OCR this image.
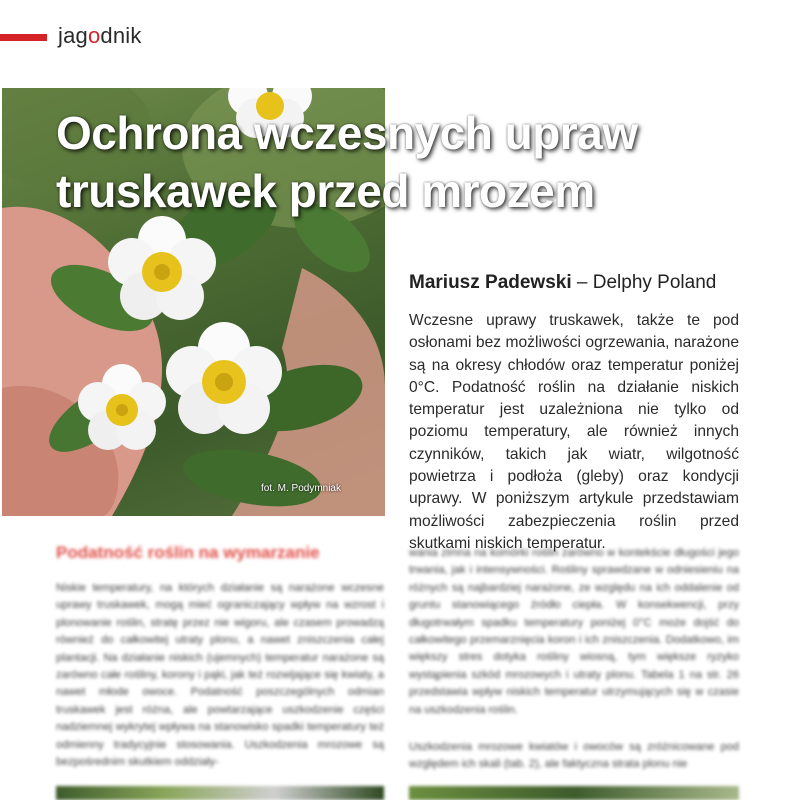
jagodnik
fot. M. Podymniak
Ochrona wczesnych upraw truskawek przed mrozem
Mariusz Padewski – Delphy Poland

Wczesne uprawy truskawek, także te pod osłonami bez możliwości ogrzewania, narażone są na okresy chłodów oraz temperatur poniżej 0°C. Podatność roślin na działanie niskich temperatur jest uzależniona nie tylko od poziomu temperatury, ale również innych czynników, takich jak wiatr, wilgotność powietrza i podłoża (gleby) oraz kondycji uprawy. W poniższym artykule przedstawiam możliwości zabezpieczenia roślin przed skutkami niskich temperatur.

Podatność roślin na wymarzanie

Niskie temperatury, na których działanie są narażone wczesne uprawy truskawek, mogą mieć ograniczający wpływ na wzrost i plonowanie roślin, stratę przez nie wigoru, ale czasem prowadzą również do całkowitej utraty plonu, a nawet zniszczenia całej plantacji. Na działanie niskich (ujemnych) temperatur narażone są zarówno całe rośliny, korony i pąki, jak też rozwijające się kwiaty, a nawet młode owoce. Podatność poszczególnych odmian truskawek jest różna, ale powtarzające uszkodzenie części nadziemnej wykrytej wpływa na stanowisko spadki temperatury też odmienny tradycyjnie stosowania. Uszkodzenia mrozowe są bezpośrednim skutkiem oddziały-

wania zimna na komórki roślin zarówno w kontekście długości jego trwania, jak i intensywności. Rośliny sprawdzane w odniesieniu na różnych są najbardziej narażone, ze względu na ich oddalenie od gruntu stanowiącego źródło ciepła. W konsekwencji, przy długotrwałym spadku temperatury poniżej 0°C może dojść do całkowitego przemarznięcia koron i ich zniszczenia. Dodatkowo, im większy stres dotyka rośliny wiosną, tym większe ryzyko wystąpienia szkód mrozowych i utraty plonu. Tabela 1 na str. 26 przedstawia wpływ niskich temperatur utrzymujących się w czasie na uszkodzenia roślin.

Uszkodzenia mrozowe kwiatów i owoców są zróżnicowane pod względem ich skali (tab. 2), ale faktyczna strata plonu nie
